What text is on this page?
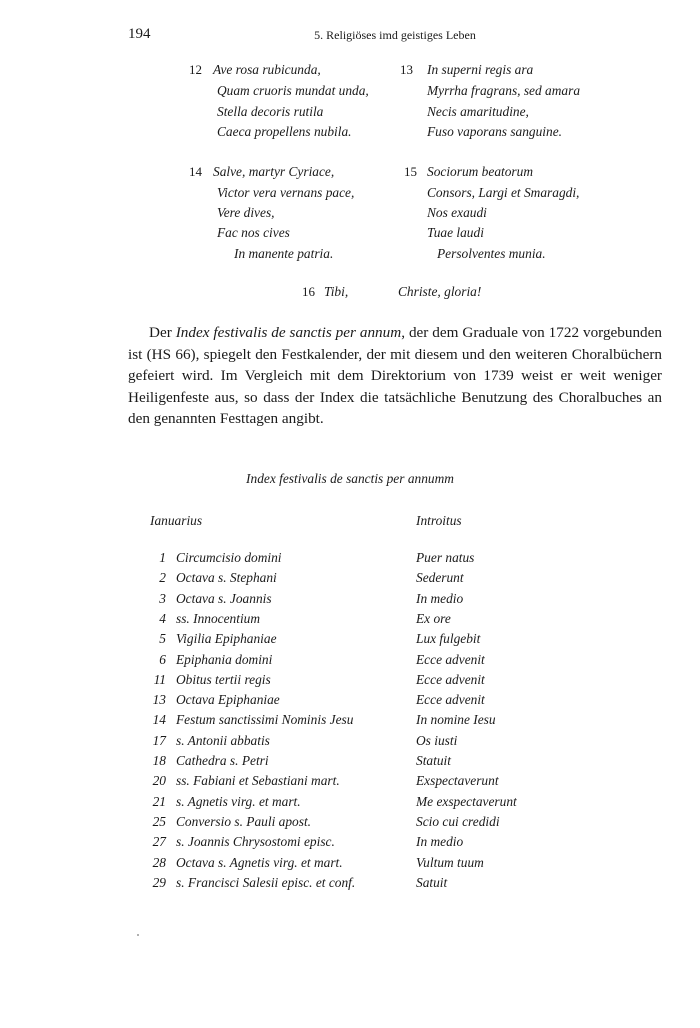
194	5. Religiöses imd geistiges Leben
12 Ave rosa rubicunda,
Quam cruoris mundat unda,
Stella decoris rutila
Caeca propellens nubila.
13 In superni regis ara
Myrrha fragrans, sed amara
Necis amaritudine,
Fuso vaporans sanguine.
14 Salve, martyr Cyriace,
Victor vera vernans pace,
Vere dives,
Fac nos cives
In manente patria.
15 Sociorum beatorum
Consors, Largi et Smaragdi,
Nos exaudi
Tuae laudi
Persolventes munia.
16 Tibi,	Christe, gloria!

Der Index festivalis de sanctis per annum, der dem Graduale von 1722 vorgebunden ist (HS 66), spiegelt den Festkalender, der mit diesem und den weiteren Choralbüchern gefeiert wird. Im Vergleich mit dem Direktorium von 1739 weist er weit weniger Heiligenfeste aus, so dass der Index die tatsächliche Benutzung des Choralbuches an den genannten Festtagen angibt.

Index festivalis de sanctis per annumm
Ianuarius	Introitus
1 Circumcisio domini	Puer natus
2 Octava s. Stephani	Sederunt
3 Octava s. Joannis	In medio
4 ss. Innocentium	Ex ore
5 Vigilia Epiphaniae	Lux fulgebit
6 Epiphania domini	Ecce advenit
11 Obitus tertii regis	Ecce advenit
13 Octava Epiphaniae	Ecce advenit
14 Festum sanctissimi Nominis Jesu	In nomine Iesu
17 s. Antonii abbatis	Os iusti
18 Cathedra s. Petri	Statuit
20 ss. Fabiani et Sebastiani mart.	Exspectaverunt
21 s. Agnetis virg. et mart.	Me exspectaverunt
25 Conversio s. Pauli apost.	Scio cui credidi
27 s. Joannis Chrysostomi episc.	In medio
28 Octava s. Agnetis virg. et mart.	Vultum tuum
29 s. Francisci Salesii episc. et conf.	Satuit
